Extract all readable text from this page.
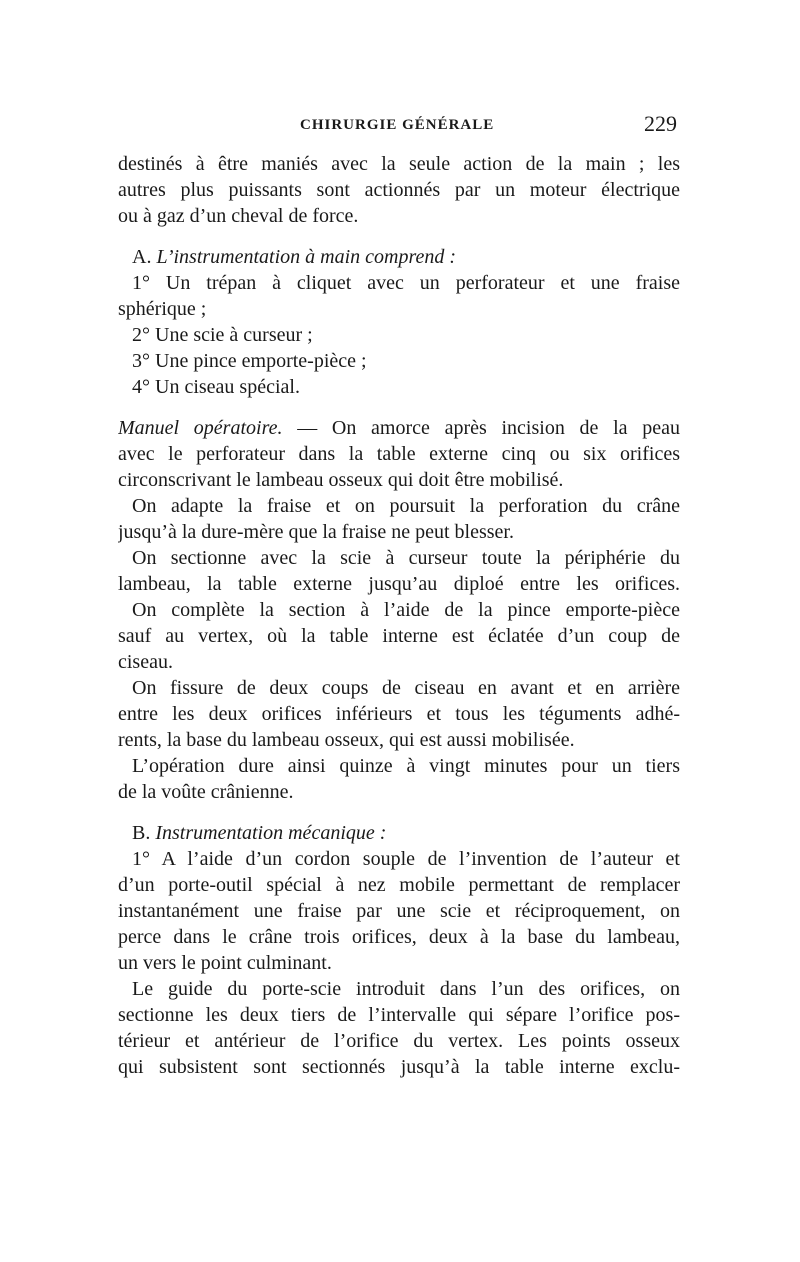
CHIRURGIE GÉNÉRALE	229
destinés à être maniés avec la seule action de la main ; les
autres plus puissants sont actionnés par un moteur électrique
ou à gaz d’un cheval de force.
A. L’instrumentation à main comprend :
1° Un trépan à cliquet avec un perforateur et une fraise
sphérique ;
2° Une scie à curseur ;
3° Une pince emporte-pièce ;
4° Un ciseau spécial.
Manuel opératoire. — On amorce après incision de la peau
avec le perforateur dans la table externe cinq ou six orifices
circonscrivant le lambeau osseux qui doit être mobilisé.
On adapte la fraise et on poursuit la perforation du crâne
jusqu’à la dure-mère que la fraise ne peut blesser.
On sectionne avec la scie à curseur toute la périphérie du
lambeau, la table externe jusqu’au diploé entre les orifices.
On complète la section à l’aide de la pince emporte-pièce
sauf au vertex, où la table interne est éclatée d’un coup de
ciseau.
On fissure de deux coups de ciseau en avant et en arrière
entre les deux orifices inférieurs et tous les téguments adhé-
rents, la base du lambeau osseux, qui est aussi mobilisée.
L’opération dure ainsi quinze à vingt minutes pour un tiers
de la voûte crânienne.
B. Instrumentation mécanique :
1° A l’aide d’un cordon souple de l’invention de l’auteur et
d’un porte-outil spécial à nez mobile permettant de remplacer
instantanément une fraise par une scie et réciproquement, on
perce dans le crâne trois orifices, deux à la base du lambeau,
un vers le point culminant.
Le guide du porte-scie introduit dans l’un des orifices, on
sectionne les deux tiers de l’intervalle qui sépare l’orifice pos-
térieur et antérieur de l’orifice du vertex. Les points osseux
qui subsistent sont sectionnés jusqu’à la table interne exclu-
